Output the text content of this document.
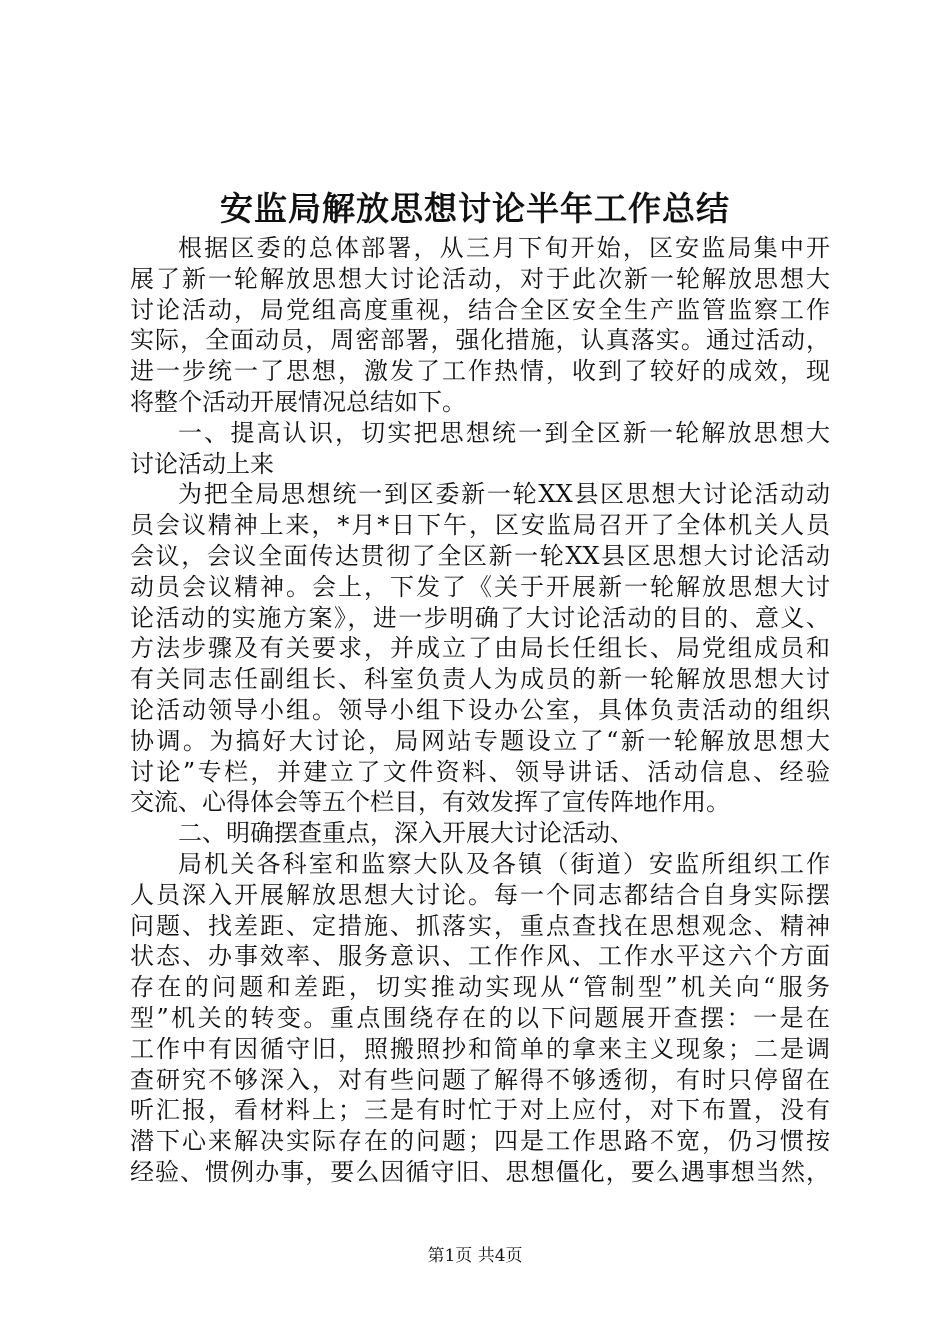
安监局解放思想讨论半年工作总结
根据区委的总体部署，从三月下旬开始，区安监局集中开
展了新一轮解放思想大讨论活动，对于此次新一轮解放思想大
讨论活动，局党组高度重视，结合全区安全生产监管监察工作
实际，全面动员，周密部署，强化措施，认真落实。通过活动，
进一步统一了思想，激发了工作热情，收到了较好的成效，现
将整个活动开展情况总结如下。
一、提高认识，切实把思想统一到全区新一轮解放思想大
讨论活动上来
为把全局思想统一到区委新一轮XX县区思想大讨论活动动
员会议精神上来，*月*日下午，区安监局召开了全体机关人员
会议，会议全面传达贯彻了全区新一轮XX县区思想大讨论活动
动员会议精神。会上，下发了《关于开展新一轮解放思想大讨
论活动的实施方案》，进一步明确了大讨论活动的目的、意义、
方法步骤及有关要求，并成立了由局长任组长、局党组成员和
有关同志任副组长、科室负责人为成员的新一轮解放思想大讨
论活动领导小组。领导小组下设办公室，具体负责活动的组织
协调。为搞好大讨论，局网站专题设立了“新一轮解放思想大
讨论”专栏，并建立了文件资料、领导讲话、活动信息、经验
交流、心得体会等五个栏目，有效发挥了宣传阵地作用。
二、明确摆查重点，深入开展大讨论活动、
局机关各科室和监察大队及各镇（街道）安监所组织工作
人员深入开展解放思想大讨论。每一个同志都结合自身实际摆
问题、找差距、定措施、抓落实，重点查找在思想观念、精神
状态、办事效率、服务意识、工作作风、工作水平这六个方面
存在的问题和差距，切实推动实现从“管制型”机关向“服务
型”机关的转变。重点围绕存在的以下问题展开查摆：一是在
工作中有因循守旧，照搬照抄和简单的拿来主义现象；二是调
查研究不够深入，对有些问题了解得不够透彻，有时只停留在
听汇报，看材料上；三是有时忙于对上应付，对下布置，没有
潜下心来解决实际存在的问题；四是工作思路不宽，仍习惯按
经验、惯例办事，要么因循守旧、思想僵化，要么遇事想当然，
第1页 共4页
